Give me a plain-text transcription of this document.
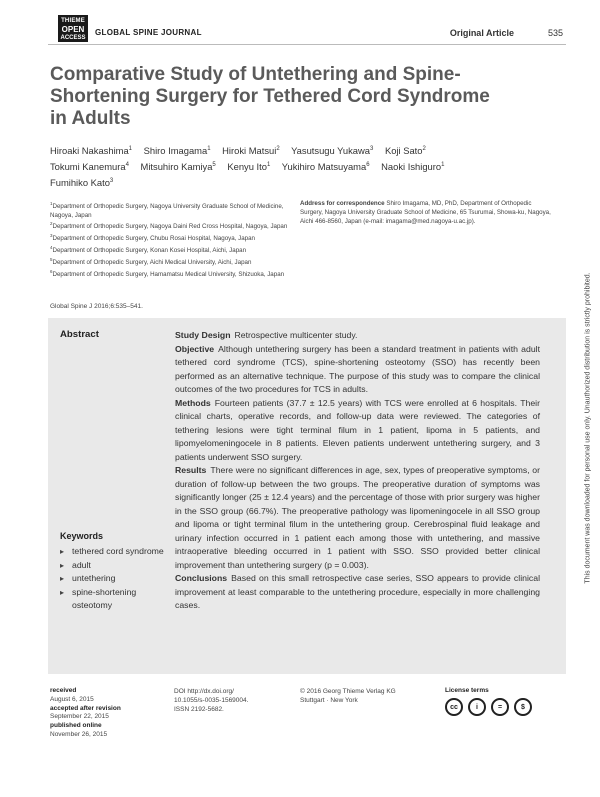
THIEME
OPEN
ACCESS
GLOBAL SPINE JOURNAL	Original Article	535
Comparative Study of Untethering and Spine-Shortening Surgery for Tethered Cord Syndrome in Adults
Hiroaki Nakashima$^1$ Shiro Imagama$^1$ Hiroki Matsui$^2$ Yasutsugu Yukawa$^3$ Koji Sato$^2$
Tokumi Kanemura$^4$ Mitsuhiro Kamiya$^5$ Kenyu Ito$^1$ Yukihiro Matsuyama$^6$ Naoki Ishiguro$^1$
Fumihiko Kato$^3$

$^1$Department of Orthopedic Surgery, Nagoya University Graduate School of Medicine, Nagoya, Japan

$^2$Department of Orthopedic Surgery, Nagoya Daini Red Cross Hospital, Nagoya, Japan

$^3$Department of Orthopedic Surgery, Chubu Rosai Hospital, Nagoya, Japan

$^4$Department of Orthopedic Surgery, Konan Kosei Hospital, Aichi, Japan

$^5$Department of Orthopedic Surgery, Aichi Medical University, Aichi, Japan

$^6$Department of Orthopedic Surgery, Hamamatsu Medical University, Shizuoka, Japan

Address for correspondence Shiro Imagama, MD, PhD, Department of Orthopedic Surgery, Nagoya University Graduate School of Medicine, 65 Tsurumai, Showa-ku, Nagoya, Aichi 466-8560, Japan (e-mail: imagama@med.nagoya-u.ac.jp).
Global Spine J 2016;6:535–541.
Abstract	Study Design Retrospective multicenter study.

Objective Although untethering surgery has been a standard treatment in patients with adult tethered cord syndrome (TCS), spine-shortening osteotomy (SSO) has recently been performed as an alternative technique. The purpose of this study was to compare the clinical outcomes of the two procedures for TCS in adults.

Methods Fourteen patients (37.7 ± 12.5 years) with TCS were enrolled at 6 hospitals. Their clinical charts, operative records, and follow-up data were reviewed. The categories of tethering lesions were tight terminal filum in 1 patient, lipoma in 5 patients, and lipomyelomeningocele in 8 patients. Eleven patients underwent untethering surgery, and 3 patients underwent SSO surgery.

Results There were no significant differences in age, sex, types of preoperative symptoms, or duration of follow-up between the two groups. The preoperative duration of symptoms was significantly longer (25 ± 12.4 years) and the percentage of those with prior surgery was higher in the SSO group (66.7%). The preoperative pathology was lipomeningocele in all SSO group and lipoma or tight terminal filum in the untethering group. Cerebrospinal fluid leakage and urinary infection occurred in 1 patient each among those with untethering, and massive intraoperative bleeding occurred in 1 patient with SSO. SSO provided better clinical improvement than untethering surgery (p = 0.003).

Conclusions Based on this small retrospective case series, SSO appears to provide clinical improvement at least comparable to the untethering procedure, especially in more challenging cases.

Keywords
▸ tethered cord syndrome
▸ adult
▸ untethering
▸ spine-shortening osteotomy
received
August 6, 2015
accepted after revision
September 22, 2015
published online
November 26, 2015
DOI http://dx.doi.org/
10.1055/s-0035-1569004.
ISSN 2192-5682.
© 2016 Georg Thieme Verlag KG
Stuttgart · New York
License terms
cc	i	=	$
This document was downloaded for personal use only. Unauthorized distribution is strictly prohibited.
